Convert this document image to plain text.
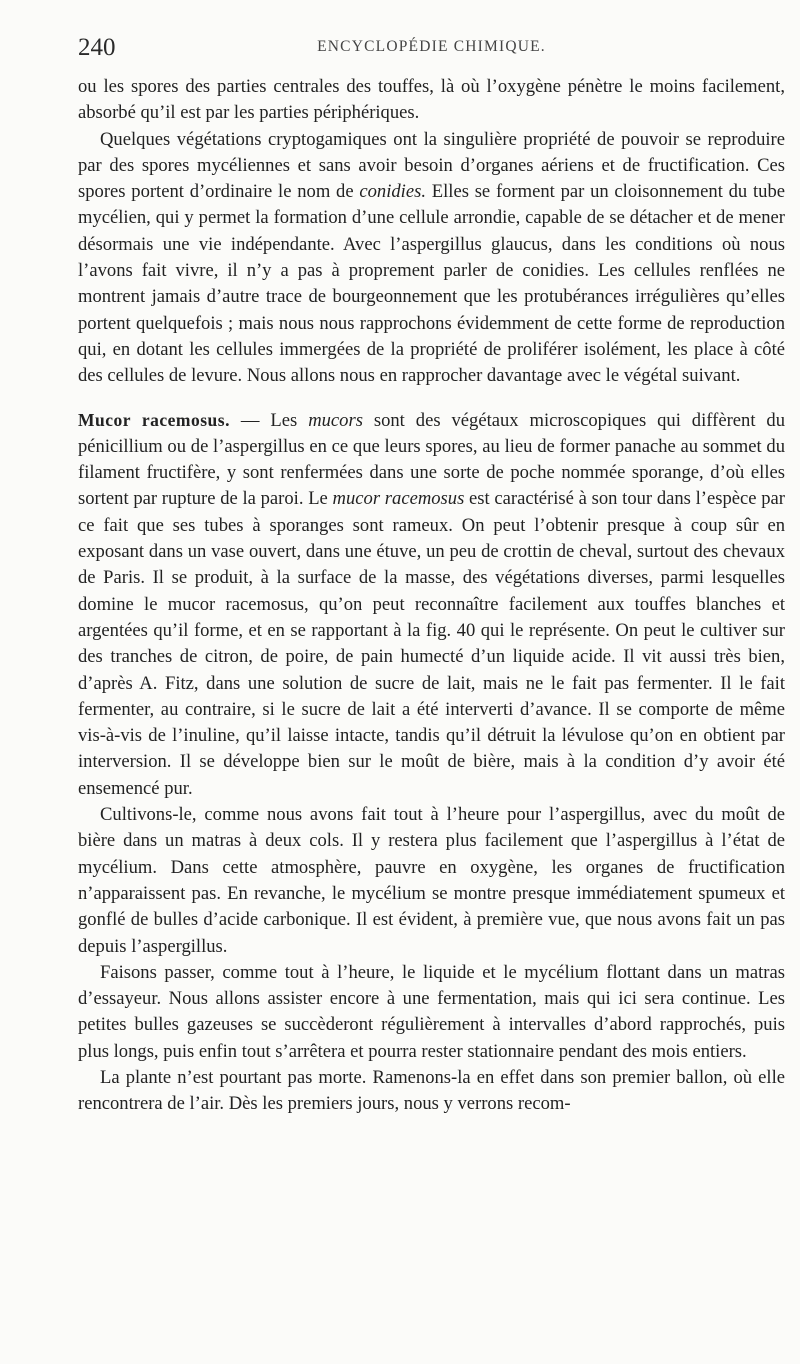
240	ENCYCLOPÉDIE CHIMIQUE.

ou les spores des parties centrales des touffes, là où l’oxygène pénètre le moins facilement, absorbé qu’il est par les parties périphériques.

Quelques végétations cryptogamiques ont la singulière propriété de pouvoir se reproduire par des spores mycéliennes et sans avoir besoin d’organes aériens et de fructification. Ces spores portent d’ordinaire le nom de conidies. Elles se forment par un cloisonnement du tube mycélien, qui y permet la formation d’une cellule arrondie, capable de se détacher et de mener désormais une vie indépendante. Avec l’aspergillus glaucus, dans les conditions où nous l’avons fait vivre, il n’y a pas à proprement parler de conidies. Les cellules renflées ne montrent jamais d’autre trace de bourgeonnement que les protubérances irrégulières qu’elles portent quelquefois ; mais nous nous rapprochons évidemment de cette forme de reproduction qui, en dotant les cellules immergées de la propriété de proliférer isolément, les place à côté des cellules de levure. Nous allons nous en rapprocher davantage avec le végétal suivant.

Mucor racemosus. — Les mucors sont des végétaux microscopiques qui diffèrent du pénicillium ou de l’aspergillus en ce que leurs spores, au lieu de former panache au sommet du filament fructifère, y sont renfermées dans une sorte de poche nommée sporange, d’où elles sortent par rupture de la paroi. Le mucor racemosus est caractérisé à son tour dans l’espèce par ce fait que ses tubes à sporanges sont rameux. On peut l’obtenir presque à coup sûr en exposant dans un vase ouvert, dans une étuve, un peu de crottin de cheval, surtout des chevaux de Paris. Il se produit, à la surface de la masse, des végétations diverses, parmi lesquelles domine le mucor racemosus, qu’on peut reconnaître facilement aux touffes blanches et argentées qu’il forme, et en se rapportant à la fig. 40 qui le représente. On peut le cultiver sur des tranches de citron, de poire, de pain humecté d’un liquide acide. Il vit aussi très bien, d’après A. Fitz, dans une solution de sucre de lait, mais ne le fait pas fermenter. Il le fait fermenter, au contraire, si le sucre de lait a été interverti d’avance. Il se comporte de même vis-à-vis de l’inuline, qu’il laisse intacte, tandis qu’il détruit la lévulose qu’on en obtient par interversion. Il se développe bien sur le moût de bière, mais à la condition d’y avoir été ensemencé pur.

Cultivons-le, comme nous avons fait tout à l’heure pour l’aspergillus, avec du moût de bière dans un matras à deux cols. Il y restera plus facilement que l’aspergillus à l’état de mycélium. Dans cette atmosphère, pauvre en oxygène, les organes de fructification n’apparaissent pas. En revanche, le mycélium se montre presque immédiatement spumeux et gonflé de bulles d’acide carbonique. Il est évident, à première vue, que nous avons fait un pas depuis l’aspergillus.

Faisons passer, comme tout à l’heure, le liquide et le mycélium flottant dans un matras d’essayeur. Nous allons assister encore à une fermentation, mais qui ici sera continue. Les petites bulles gazeuses se succèderont régulièrement à intervalles d’abord rapprochés, puis plus longs, puis enfin tout s’arrêtera et pourra rester stationnaire pendant des mois entiers.

La plante n’est pourtant pas morte. Ramenons-la en effet dans son premier ballon, où elle rencontrera de l’air. Dès les premiers jours, nous y verrons recom-
